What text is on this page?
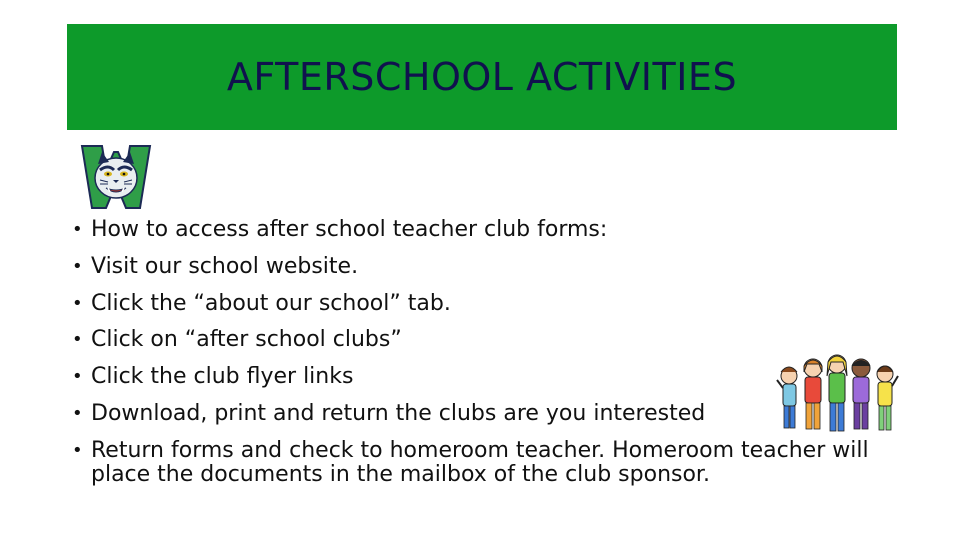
AFTERSCHOOL ACTIVITIES
• How to access after school teacher club forms:
• Visit our school website.
• Click the “about our school” tab.
• Click on “after school clubs”
• Click the club flyer links
• Download, print and return the clubs are you interested
• Return forms and check to homeroom teacher. Homeroom teacher will place the documents in the mailbox of the club sponsor.
